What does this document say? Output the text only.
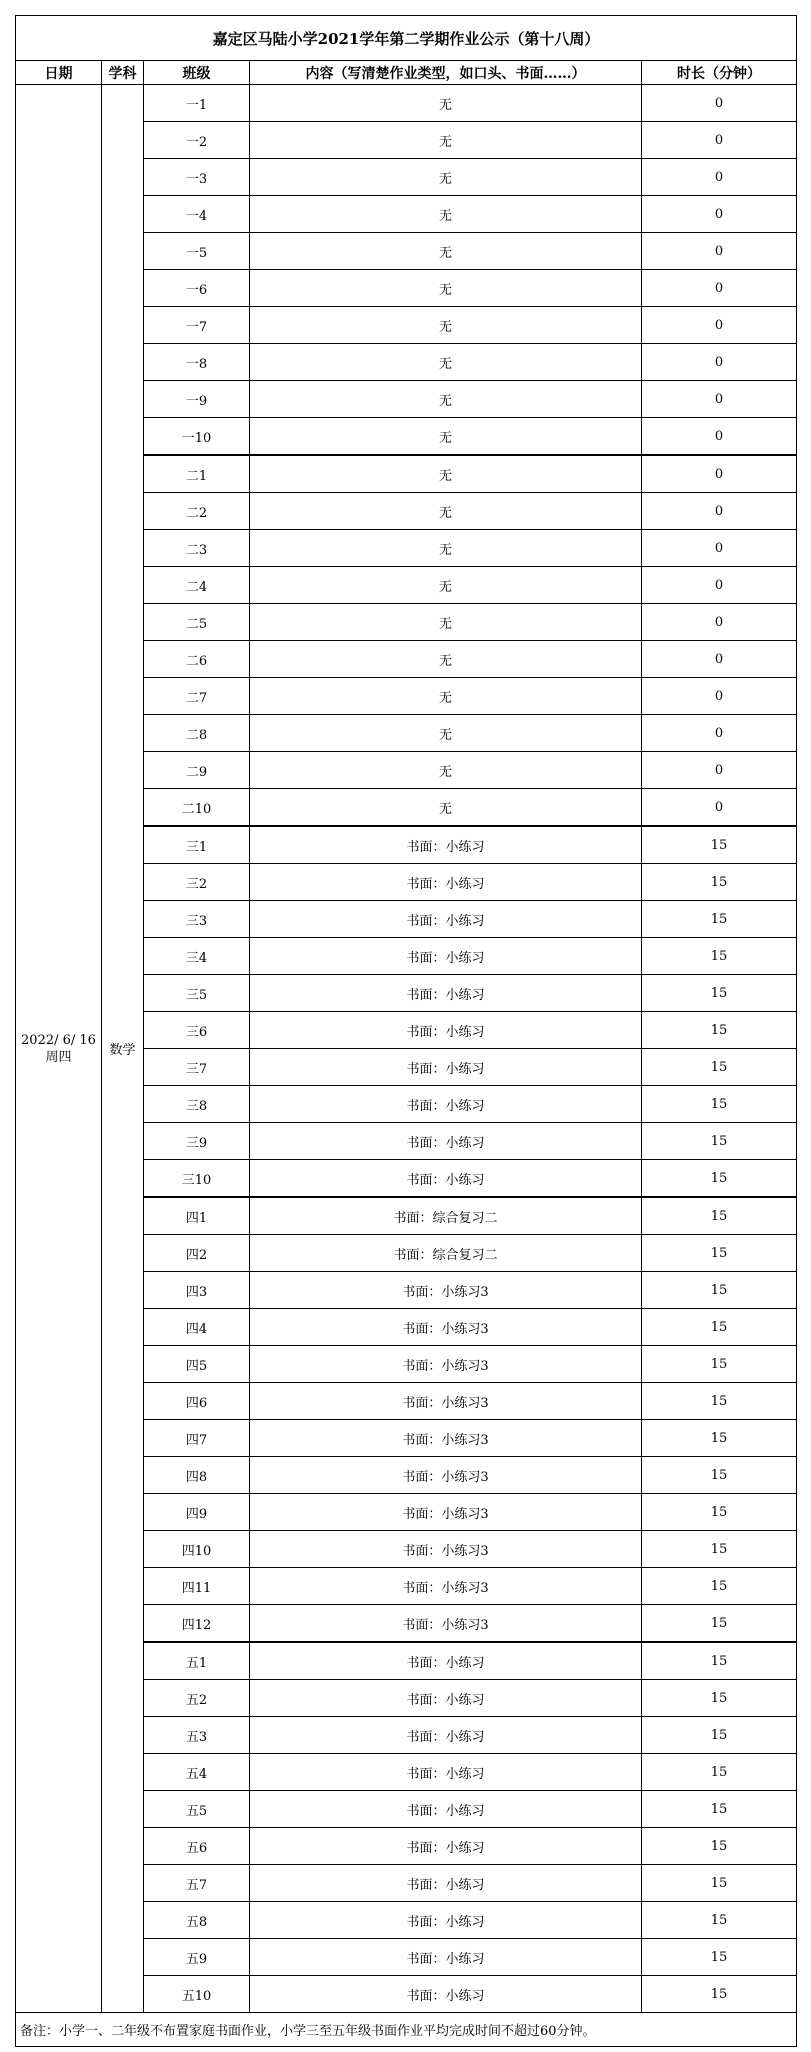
嘉定区马陆小学2021学年第二学期作业公示（第十八周）				
日期	学科	班级	内容（写清楚作业类型，如口头、书面……）	时长（分钟）

2022/ 6/ 16
周四	数学	一1	无	0
		一2	无	0
		一3	无	0
		一4	无	0
		一5	无	0
		一6	无	0
		一7	无	0
		一8	无	0
		一9	无	0
		一10	无	0
		二1	无	0
		二2	无	0
		二3	无	0
		二4	无	0
		二5	无	0
		二6	无	0
		二7	无	0
		二8	无	0
		二9	无	0
		二10	无	0
		三1	书面：小练习	15
		三2	书面：小练习	15
		三3	书面：小练习	15
		三4	书面：小练习	15
		三5	书面：小练习	15
		三6	书面：小练习	15
		三7	书面：小练习	15
		三8	书面：小练习	15
		三9	书面：小练习	15
		三10	书面：小练习	15
		四1	书面：综合复习二	15
		四2	书面：综合复习二	15
		四3	书面：小练习3	15
		四4	书面：小练习3	15
		四5	书面：小练习3	15
		四6	书面：小练习3	15
		四7	书面：小练习3	15
		四8	书面：小练习3	15
		四9	书面：小练习3	15
		四10	书面：小练习3	15
		四11	书面：小练习3	15
		四12	书面：小练习3	15
		五1	书面：小练习	15
		五2	书面：小练习	15
		五3	书面：小练习	15
		五4	书面：小练习	15
		五5	书面：小练习	15
		五6	书面：小练习	15
		五7	书面：小练习	15
		五8	书面：小练习	15
		五9	书面：小练习	15
		五10	书面：小练习	15
备注：小学一、二年级不布置家庭书面作业，小学三至五年级书面作业平均完成时间不超过60分钟。				
